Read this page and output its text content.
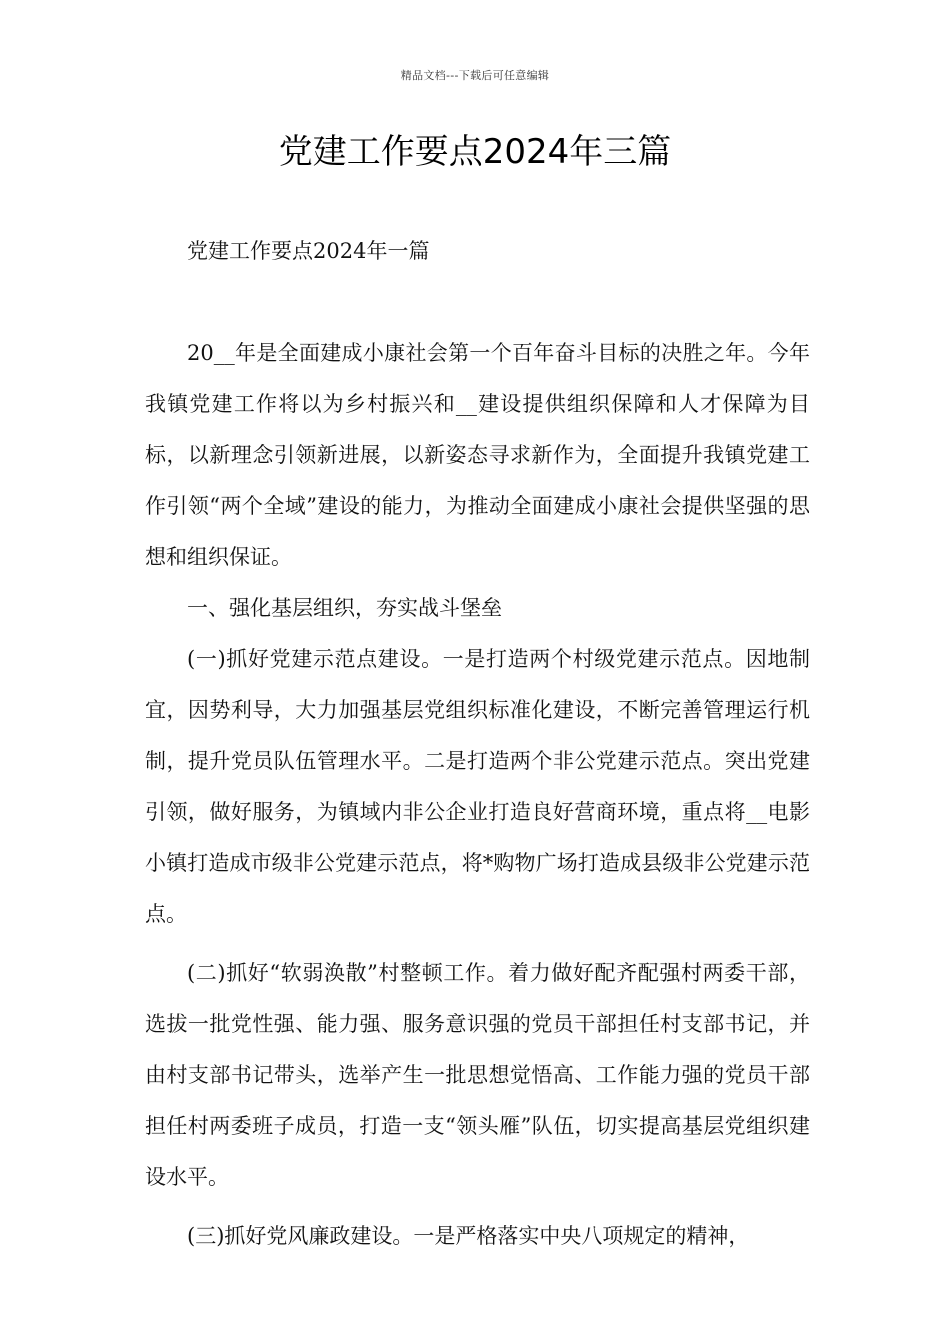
精品文档---下载后可任意编辑
党建工作要点2024年三篇

党建工作要点2024年一篇

20__年是全面建成小康社会第一个百年奋斗目标的决胜之年。今年我镇党建工作将以为乡村振兴和__建设提供组织保障和人才保障为目标，以新理念引领新进展，以新姿态寻求新作为，全面提升我镇党建工作引领“两个全域”建设的能力，为推动全面建成小康社会提供坚强的思想和组织保证。

一、强化基层组织，夯实战斗堡垒

(一)抓好党建示范点建设。一是打造两个村级党建示范点。因地制宜，因势利导，大力加强基层党组织标准化建设，不断完善管理运行机制，提升党员队伍管理水平。二是打造两个非公党建示范点。突出党建引领，做好服务，为镇域内非公企业打造良好营商环境，重点将__电影小镇打造成市级非公党建示范点，将*购物广场打造成县级非公党建示范点。

(二)抓好“软弱涣散”村整顿工作。着力做好配齐配强村两委干部，选拔一批党性强、能力强、服务意识强的党员干部担任村支部书记，并由村支部书记带头，选举产生一批思想觉悟高、工作能力强的党员干部担任村两委班子成员，打造一支“领头雁”队伍，切实提高基层党组织建设水平。

(三)抓好党风廉政建设。一是严格落实中央八项规定的精神，
